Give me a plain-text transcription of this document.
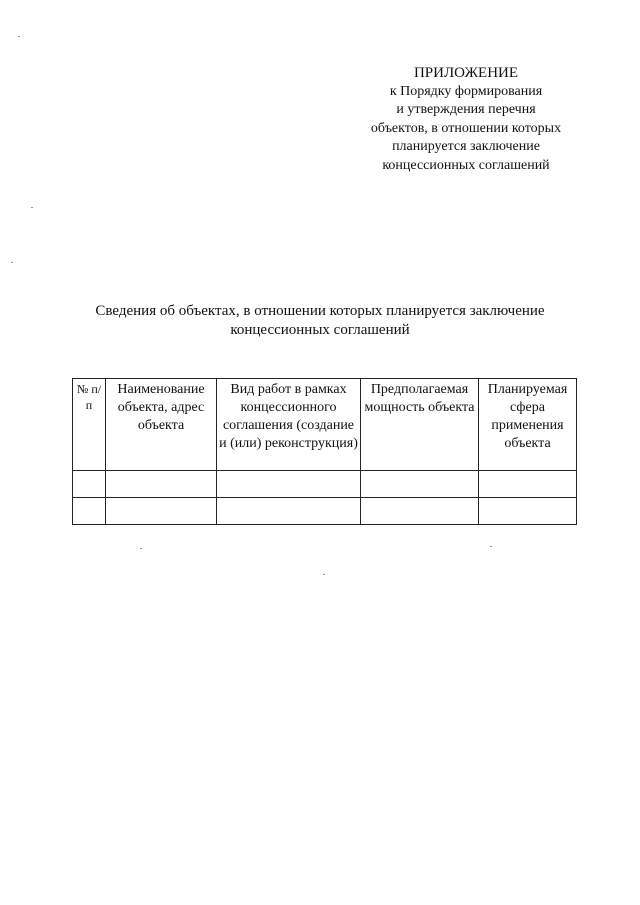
ПРИЛОЖЕНИЕ
к Порядку формирования
и утверждения перечня
объектов, в отношении которых
планируется заключение
концессионных соглашений
Сведения об объектах, в отношении которых планируется заключение
концессионных соглашений
№ п/п	Наименование объекта, адрес объекта	Вид работ в рамках концессионного соглашения (создание и (или) реконструкция)	Предполагаемая мощность объекта	Планируемая сфера применения объекта
